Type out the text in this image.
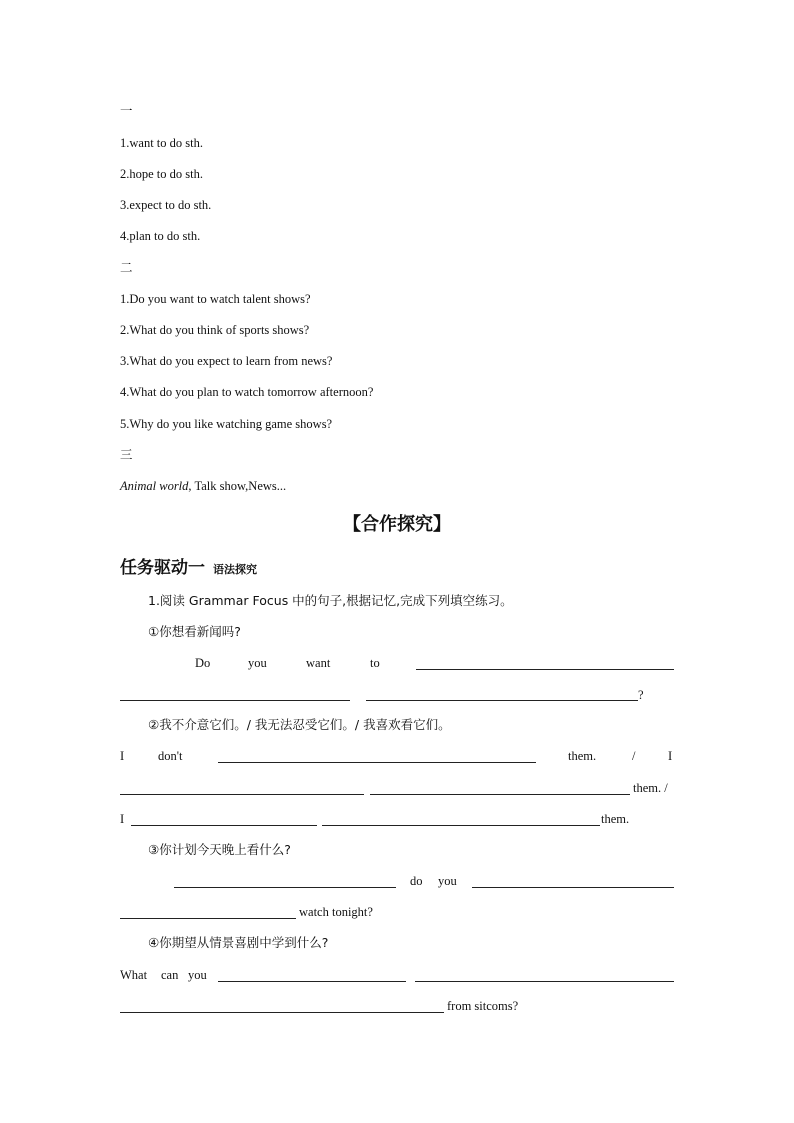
一
1.want to do sth.
2.hope to do sth.
3.expect to do sth.
4.plan to do sth.
二
1.Do you want to watch talent shows?
2.What do you think of sports shows?
3.What do you expect to learn from news?
4.What do you plan to watch tomorrow afternoon?
5.Why do you like watching game shows?
三
Animal world, Talk show,News...
【合作探究】
任务驱动一 语法探究
1.阅读 Grammar Focus 中的句子,根据记忆,完成下列填空练习。
①你想看新闻吗?
Do	you	want	to
?
②我不介意它们。/ 我无法忍受它们。/ 我喜欢看它们。
I	don't	them.	/	I
them. /
I	them.
③你计划今天晚上看什么?
do you
watch tonight?
④你期望从情景喜剧中学到什么?
What can you
from sitcoms?
